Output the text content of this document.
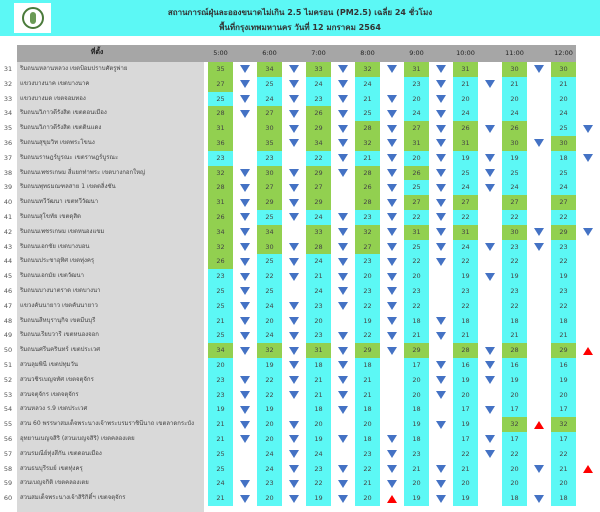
สถานการณ์ฝุ่นละอองขนาดไม่เกิน 2.5 ไมครอน (PM2.5) เฉลี่ย 24 ชั่วโมง
พื้นที่กรุงเทพมหานคร วันที่ 12 มกราคม 2564
ที่ตั้ง	5:00	6:00	7:00	8:00	9:00	10:00	11:00	12:00
31	ริมถนนหลานหลวง เขตป้อมปราบศัตรูพ่าย	35	34	33	32	31	31	30	30
32	แขวงบางนาค เขตบางนาค	27	25	24	24	23	21	21	21
33	แขวงบางมด เขตจอมทอง	25	24	23	21	20	20	20	20
34	ริมถนนวิภาวดีรังสิต เขตดอนเมือง	28	27	26	25	24	24	24	24
35	ริมถนนวิภาวดีรังสิต เขตดินแดง	31	30	29	28	27	26	26	25
36	ริมถนนสุขุมวิท เขตพระโขนง	36	35	34	32	31	31	30	30
37	ริมถนนราษฎร์บูรณะ เขตราษฎร์บูรณะ	23	23	22	21	20	19	19	18
38	ริมถนนเพชรเกษม สี่แยกท่าพระ เขตบางกอกใหญ่	32	30	29	28	26	25	25	25
39	ริมถนนพุทธมณฑลสาย 1 เขตตลิ่งชัน	28	27	27	26	25	24	24	24
40	ริมถนนทวีวัฒนา เขตทวีวัฒนา	31	29	29	28	27	27	27	27
41	ริมถนนสุโขทัย เขตดุสิต	26	25	24	23	22	22	22	22
42	ริมถนนเพชรเกษม เขตหนองแขม	34	34	33	32	31	31	30	29
43	ริมถนนเอกชัย เขตบางบอน	32	30	28	27	25	24	23	23
44	ริมถนนประชาอุทิศ เขตทุ่งครุ	26	25	24	23	22	22	22	22
45	ริมถนนเอกมัย เขตวัฒนา	23	22	21	20	20	19	19	19
46	ริมถนนบางนาตราด เขตบางนา	25	25	24	23	23	23	23	23
47	แขวงคันนายาว เขตคันนายาว	25	24	23	22	22	22	22	22
48	ริมถนนสีหบุรานุกิจ เขตมีนบุรี	21	20	20	19	18	18	18	18
49	ริมถนนเรียบวารี เขตหนองจอก	25	24	23	22	21	21	21	21
50	ริมถนนศรีนครินทร์ เขตประเวศ	34	32	31	29	29	28	28	29
51	สวนลุมพินี เขตปทุมวัน	20	19	18	18	17	16	16	16
52	สวนวชิรเบญจทัศ เขตจตุจักร	23	22	21	21	20	19	19	19
53	สวนจตุจักร เขตจตุจักร	23	22	21	21	20	20	20	20
54	สวนหลวง ร.9 เขตประเวศ	19	19	18	18	18	17	17	17
55	สวน 60 พรรษาสมเด็จพระนางเจ้าพระบรมราชินีนาถ เขตลาดกระบัง	21	20	20	20	19	19	32	32
56	อุทยานเบญจสิริ (สวนเบญจสิริ) เขตคลองเตย	21	20	19	18	18	17	17	17
57	สวนรมณีย์ทุ่งสีกัน เขตดอนเมือง	25	24	24	23	23	22	22	22
58	สวนธนบุรีรมย์ เขตทุ่งครุ	25	24	23	22	21	21	20	21
59	สวนเบญจกิติ เขตคลองเตย	24	23	22	21	20	20	20	20
60	สวนสมเด็จพระนางเจ้าสิริกิติ์ฯ เขตจตุจักร	21	20	19	20	19	19	18	18
